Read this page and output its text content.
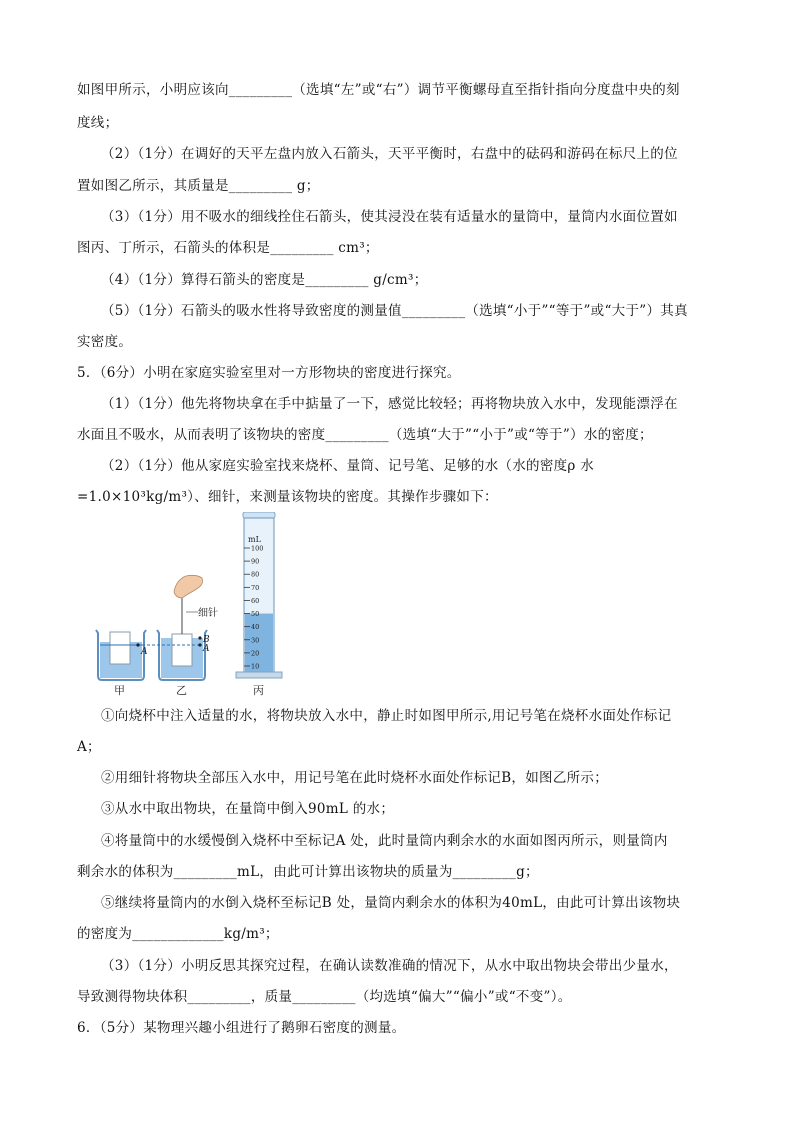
如图甲所示，小明应该向_________（选填“左”或“右”）调节平衡螺母直至指针指向分度盘中央的刻
度线；
（2）（1分）在调好的天平左盘内放入石箭头，天平平衡时，右盘中的砝码和游码在标尺上的位
置如图乙所示，其质量是_________ g；
（3）（1分）用不吸水的细线拴住石箭头，使其浸没在装有适量水的量筒中，量筒内水面位置如
图丙、丁所示，石箭头的体积是_________ cm³；
（4）（1分）算得石箭头的密度是_________ g/cm³；
（5）（1分）石箭头的吸水性将导致密度的测量值_________（选填“小于”“等于”或“大于”）其真
实密度。
5．（6分）小明在家庭实验室里对一方形物块的密度进行探究。
（1）（1分）他先将物块拿在手中掂量了一下，感觉比较轻；再将物块放入水中，发现能漂浮在
水面且不吸水，从而表明了该物块的密度_________（选填“大于”“小于”或“等于”）水的密度；
（2）（1分）他从家庭实验室找来烧杯、量筒、记号笔、足够的水（水的密度ρ 水
=1.0×10³kg/m³）、细针，来测量该物块的密度。其操作步骤如下：
A
B
A
细针
mL
100
90
80
70
60
50
40
30
20
10
甲	乙	丙
①向烧杯中注入适量的水，将物块放入水中，静止时如图甲所示,用记号笔在烧杯水面处作标记
A；
②用细针将物块全部压入水中，用记号笔在此时烧杯水面处作标记B，如图乙所示；
③从水中取出物块，在量筒中倒入90mL 的水；
④将量筒中的水缓慢倒入烧杯中至标记A 处，此时量筒内剩余水的水面如图丙所示，则量筒内
剩余水的体积为_________mL，由此可计算出该物块的质量为_________g；
⑤继续将量筒内的水倒入烧杯至标记B 处，量筒内剩余水的体积为40mL，由此可计算出该物块
的密度为_____________kg/m³；
（3）（1分）小明反思其探究过程，在确认读数准确的情况下，从水中取出物块会带出少量水，
导致测得物块体积_________，质量_________（均选填“偏大”“偏小”或“不变”）。
6．（5分）某物理兴趣小组进行了鹅卵石密度的测量。
